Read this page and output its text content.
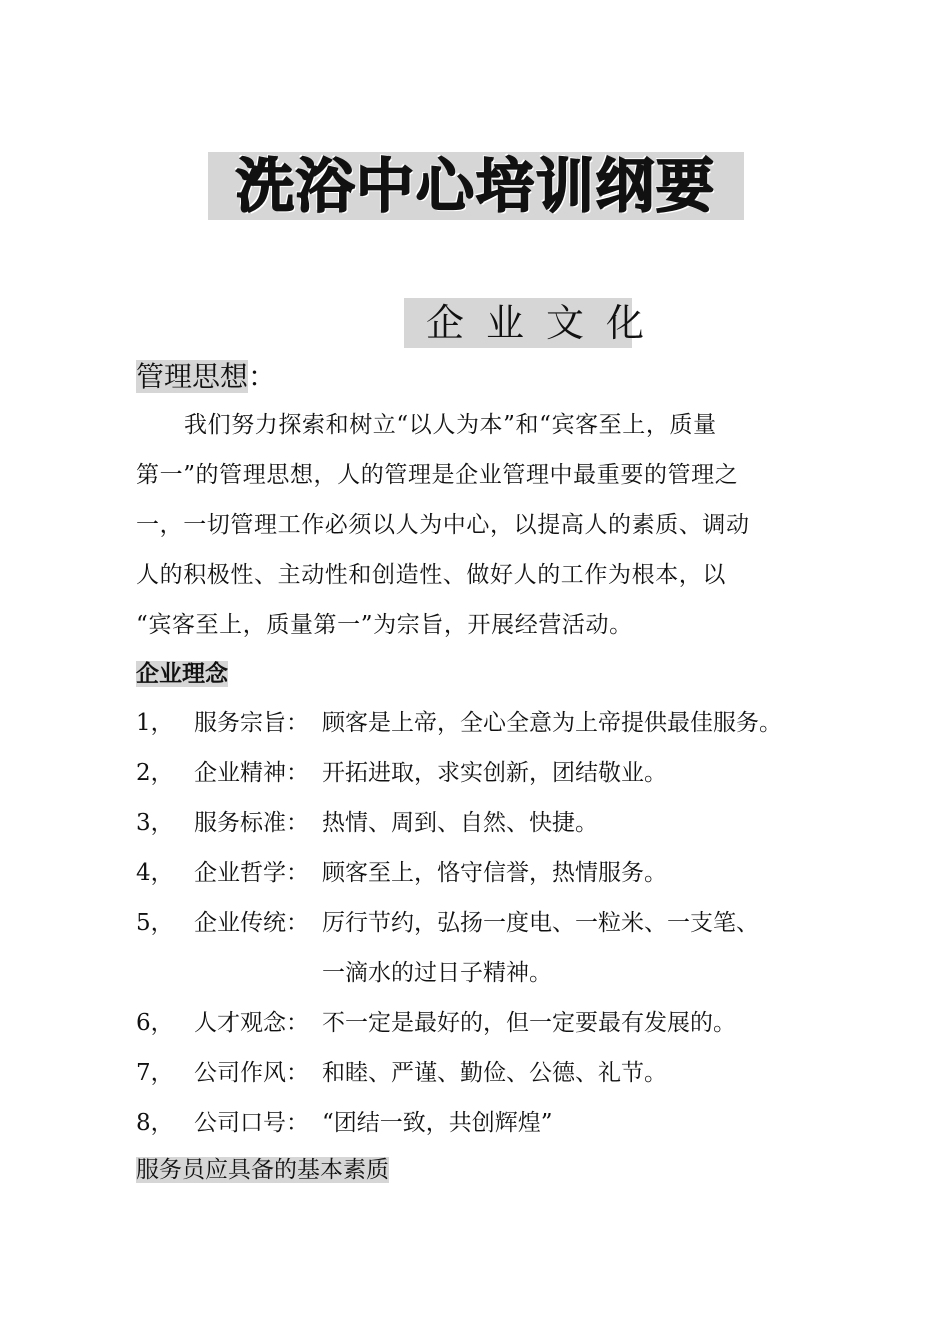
洗浴中心培训纲要
企业文化
管理思想：

我们努力探索和树立“以人为本”和“宾客至上，质量
第一”的管理思想，人的管理是企业管理中最重要的管理之
一，一切管理工作必须以人为中心，以提高人的素质、调动
人的积极性、主动性和创造性、做好人的工作为根本，以
“宾客至上，质量第一”为宗旨，开展经营活动。

企业理念
1， 服务宗旨： 顾客是上帝，全心全意为上帝提供最佳服务。
2， 企业精神： 开拓进取，求实创新，团结敬业。
3， 服务标准： 热情、周到、自然、快捷。
4， 企业哲学： 顾客至上，恪守信誉，热情服务。
5， 企业传统： 厉行节约，弘扬一度电、一粒米、一支笔、
一滴水的过日子精神。
6， 人才观念： 不一定是最好的，但一定要最有发展的。
7， 公司作风： 和睦、严谨、勤俭、公德、礼节。
8， 公司口号： “团结一致，共创辉煌”
服务员应具备的基本素质
